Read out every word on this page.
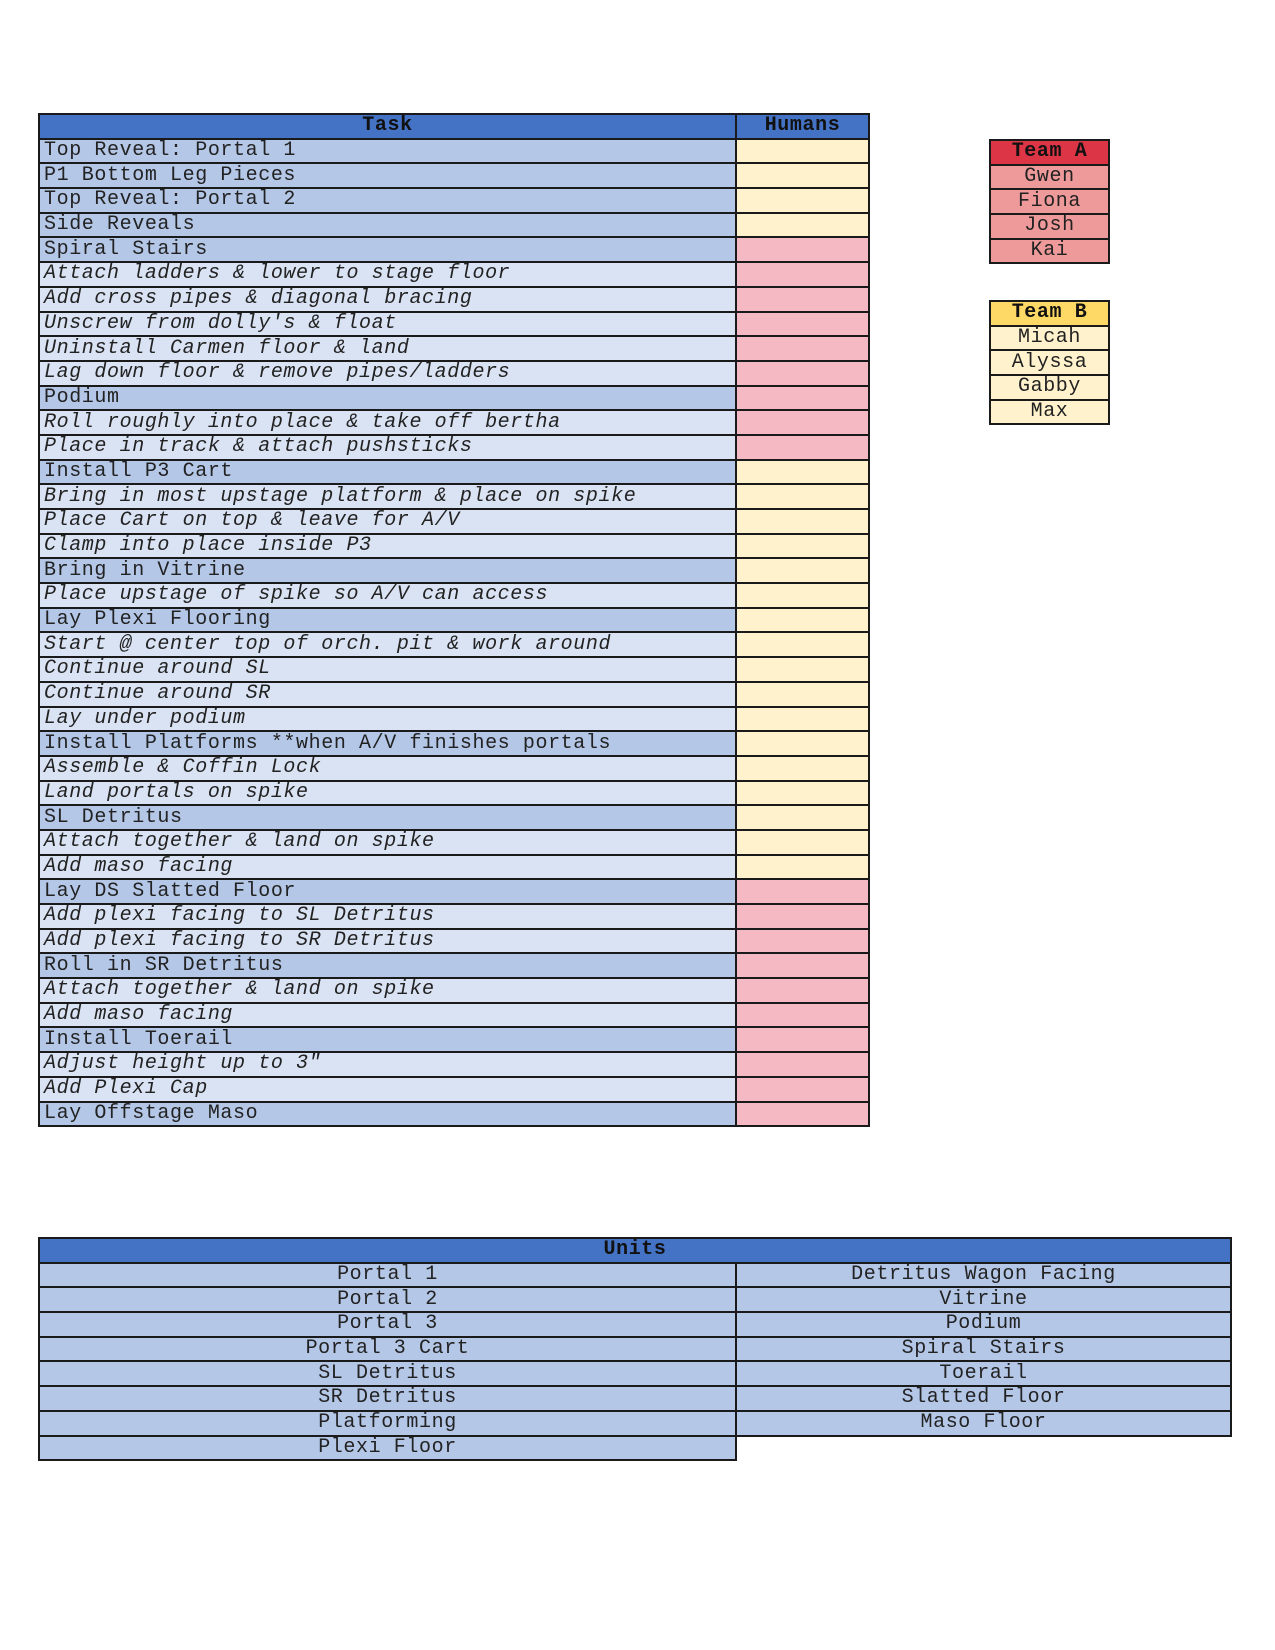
Task	Humans
Top Reveal: Portal 1	
P1 Bottom Leg Pieces	
Top Reveal: Portal 2	
Side Reveals	
Spiral Stairs	
Attach ladders & lower to stage floor	
Add cross pipes & diagonal bracing	
Unscrew from dolly's & float	
Uninstall Carmen floor & land	
Lag down floor & remove pipes/ladders	
Podium	
Roll roughly into place & take off bertha	
Place in track & attach pushsticks	
Install P3 Cart	
Bring in most upstage platform & place on spike	
Place Cart on top & leave for A/V	
Clamp into place inside P3	
Bring in Vitrine	
Place upstage of spike so A/V can access	
Lay Plexi Flooring	
Start @ center top of orch. pit & work around	
Continue around SL	
Continue around SR	
Lay under podium	
Install Platforms **when A/V finishes portals	
Assemble & Coffin Lock	
Land portals on spike	
SL Detritus	
Attach together & land on spike	
Add maso facing	
Lay DS Slatted Floor	
Add plexi facing to SL Detritus	
Add plexi facing to SR Detritus	
Roll in SR Detritus	
Attach together & land on spike	
Add maso facing	
Install Toerail	
Adjust height up to 3"	
Add Plexi Cap	
Lay Offstage Maso	
Team A
Gwen
Fiona
Josh
Kai
Team B
Micah
Alyssa
Gabby
Max
Units	
Portal 1	Detritus Wagon Facing
Portal 2	Vitrine
Portal 3	Podium
Portal 3 Cart	Spiral Stairs
SL Detritus	Toerail
SR Detritus	Slatted Floor
Platforming	Maso Floor
Plexi Floor	
